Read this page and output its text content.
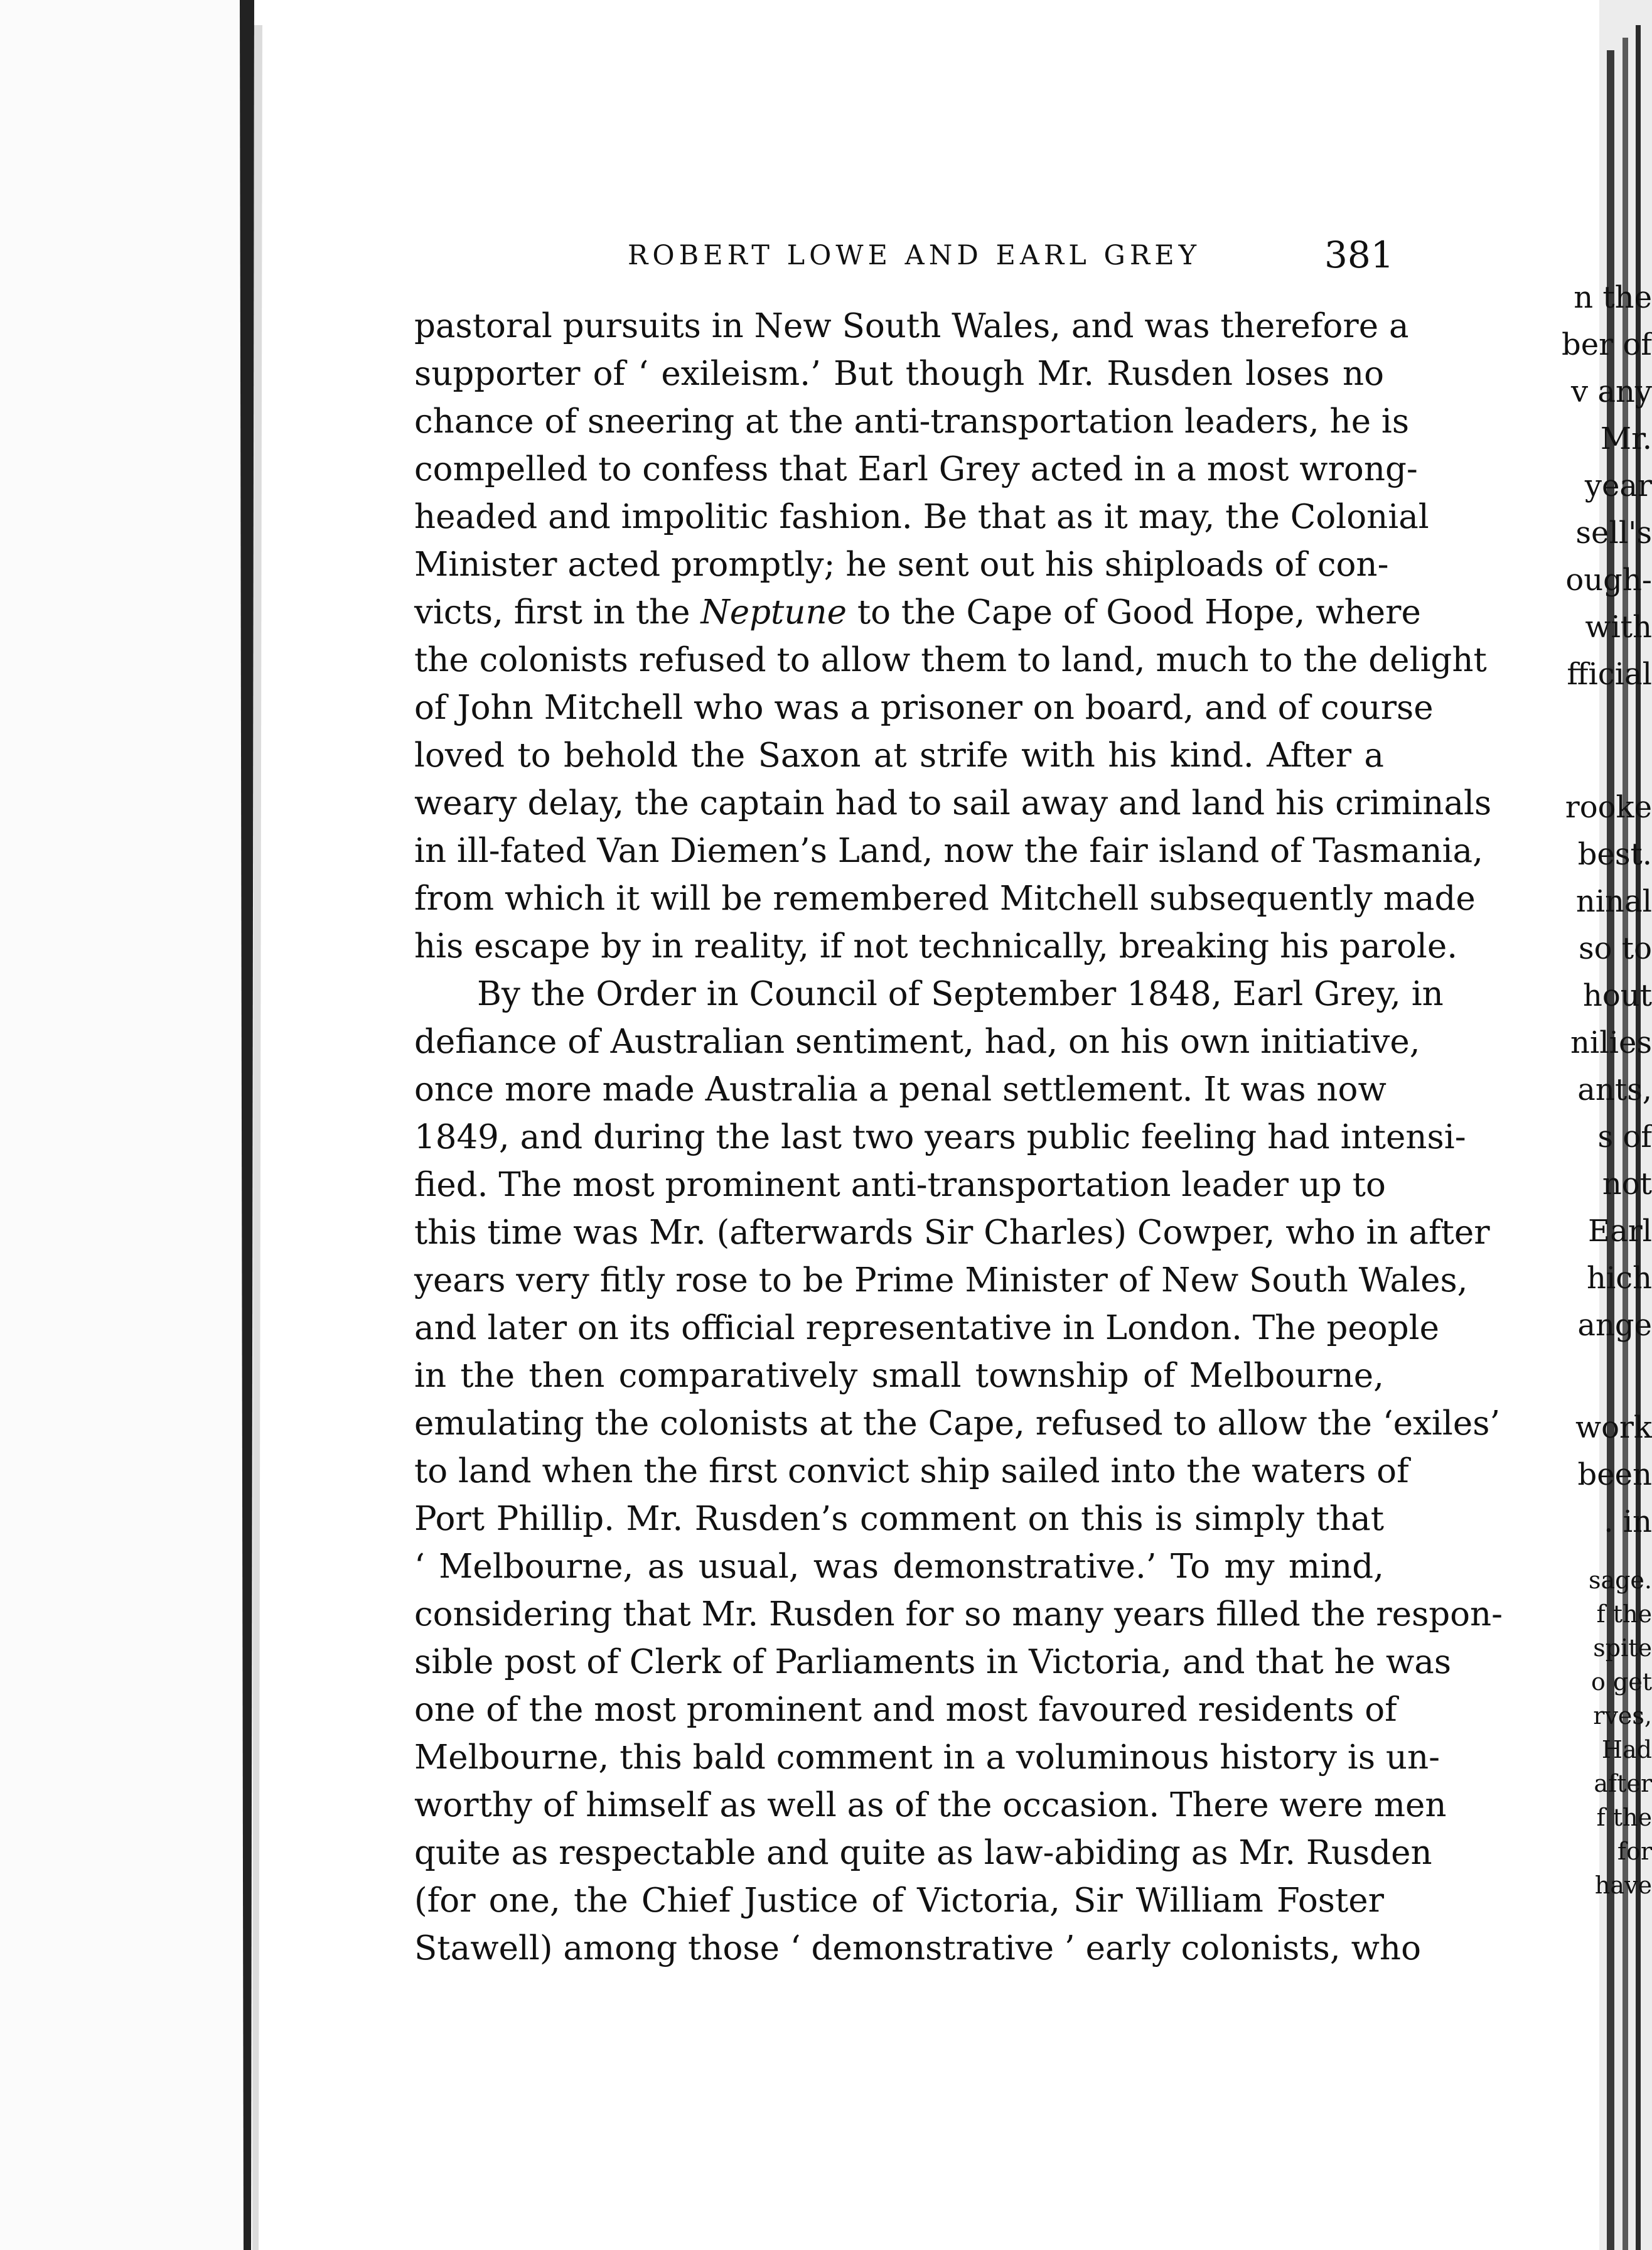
n the
ber of
v any
Mr.
year
sell's
ough-
with
fficial
rooke
best.
ninal
so to
hout
nilies
ants,
s of
not
Earl
hich
ange
work
been
. in
sage.
f the
spite
o get
rves,
Had
after
f the
for
have
ROBERT LOWE AND EARL GREY	381
pastoral pursuits in New South Wales, and was therefore a
supporter of ‘ exileism.’ But though Mr. Rusden loses no
chance of sneering at the anti-transportation leaders, he is
compelled to confess that Earl Grey acted in a most wrong-
headed and impolitic fashion. Be that as it may, the Colonial
Minister acted promptly; he sent out his shiploads of con-
victs, first in the Neptune to the Cape of Good Hope, where
the colonists refused to allow them to land, much to the delight
of John Mitchell who was a prisoner on board, and of course
loved to behold the Saxon at strife with his kind. After a
weary delay, the captain had to sail away and land his criminals
in ill-fated Van Diemen’s Land, now the fair island of Tasmania,
from which it will be remembered Mitchell subsequently made
his escape by in reality, if not technically, breaking his parole.
By the Order in Council of September 1848, Earl Grey, in
defiance of Australian sentiment, had, on his own initiative,
once more made Australia a penal settlement. It was now
1849, and during the last two years public feeling had intensi-
fied. The most prominent anti-transportation leader up to
this time was Mr. (afterwards Sir Charles) Cowper, who in after
years very fitly rose to be Prime Minister of New South Wales,
and later on its official representative in London. The people
in the then comparatively small township of Melbourne,
emulating the colonists at the Cape, refused to allow the ‘exiles’
to land when the first convict ship sailed into the waters of
Port Phillip. Mr. Rusden’s comment on this is simply that
‘ Melbourne, as usual, was demonstrative.’ To my mind,
considering that Mr. Rusden for so many years filled the respon-
sible post of Clerk of Parliaments in Victoria, and that he was
one of the most prominent and most favoured residents of
Melbourne, this bald comment in a voluminous history is un-
worthy of himself as well as of the occasion. There were men
quite as respectable and quite as law-abiding as Mr. Rusden
(for one, the Chief Justice of Victoria, Sir William Foster
Stawell) among those ‘ demonstrative ’ early colonists, who
